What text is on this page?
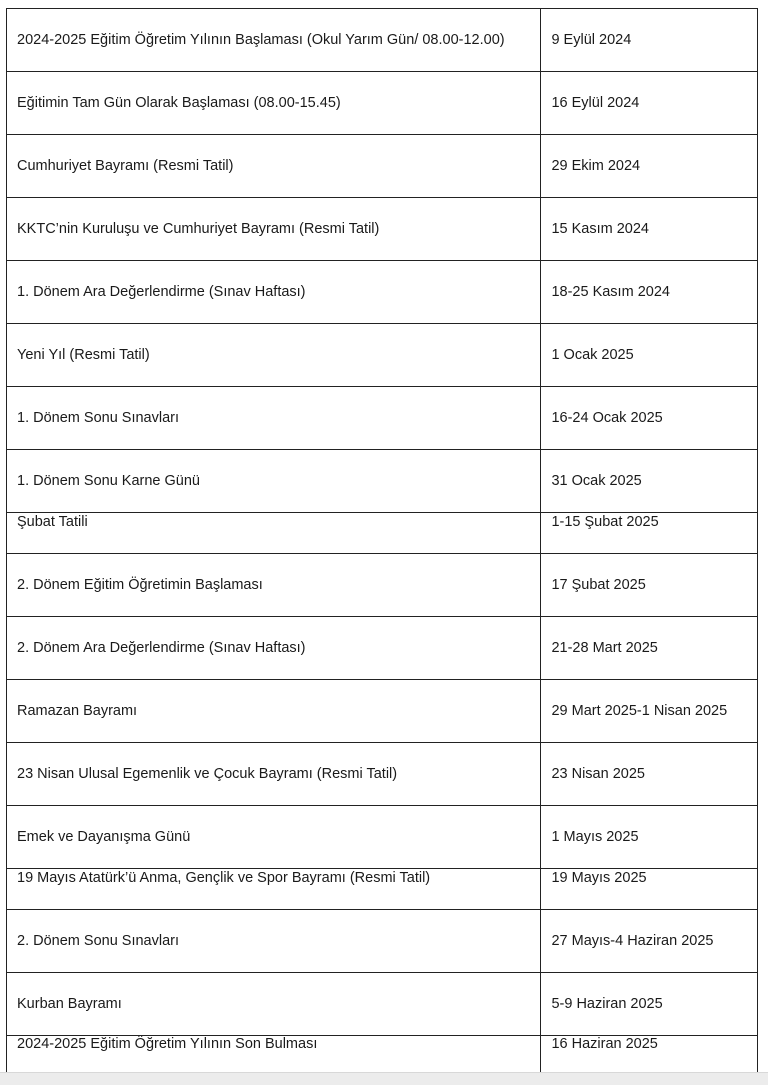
2024-2025 Eğitim Öğretim Yılının Başlaması (Okul Yarım Gün/ 08.00-12.00)	9 Eylül 2024
Eğitimin Tam Gün Olarak Başlaması (08.00-15.45)	16 Eylül 2024
Cumhuriyet Bayramı (Resmi Tatil)	29 Ekim 2024
KKTC’nin Kuruluşu ve Cumhuriyet Bayramı (Resmi Tatil)	15 Kasım 2024
1. Dönem Ara Değerlendirme (Sınav Haftası)	18-25 Kasım 2024
Yeni Yıl (Resmi Tatil)	1 Ocak 2025
1. Dönem Sonu Sınavları	16-24 Ocak 2025
1. Dönem Sonu Karne Günü	31 Ocak 2025
Şubat Tatili	1-15 Şubat 2025
2. Dönem Eğitim Öğretimin Başlaması	17 Şubat 2025
2. Dönem Ara Değerlendirme (Sınav Haftası)	21-28 Mart 2025
Ramazan Bayramı	29 Mart 2025-1 Nisan 2025
23 Nisan Ulusal Egemenlik ve Çocuk Bayramı (Resmi Tatil)	23 Nisan 2025
Emek ve Dayanışma Günü	1 Mayıs 2025
19 Mayıs Atatürk’ü Anma, Gençlik ve Spor Bayramı (Resmi Tatil)	19 Mayıs 2025
2. Dönem Sonu Sınavları	27 Mayıs-4 Haziran 2025
Kurban Bayramı	5-9 Haziran 2025
2024-2025 Eğitim Öğretim Yılının Son Bulması	16 Haziran 2025
